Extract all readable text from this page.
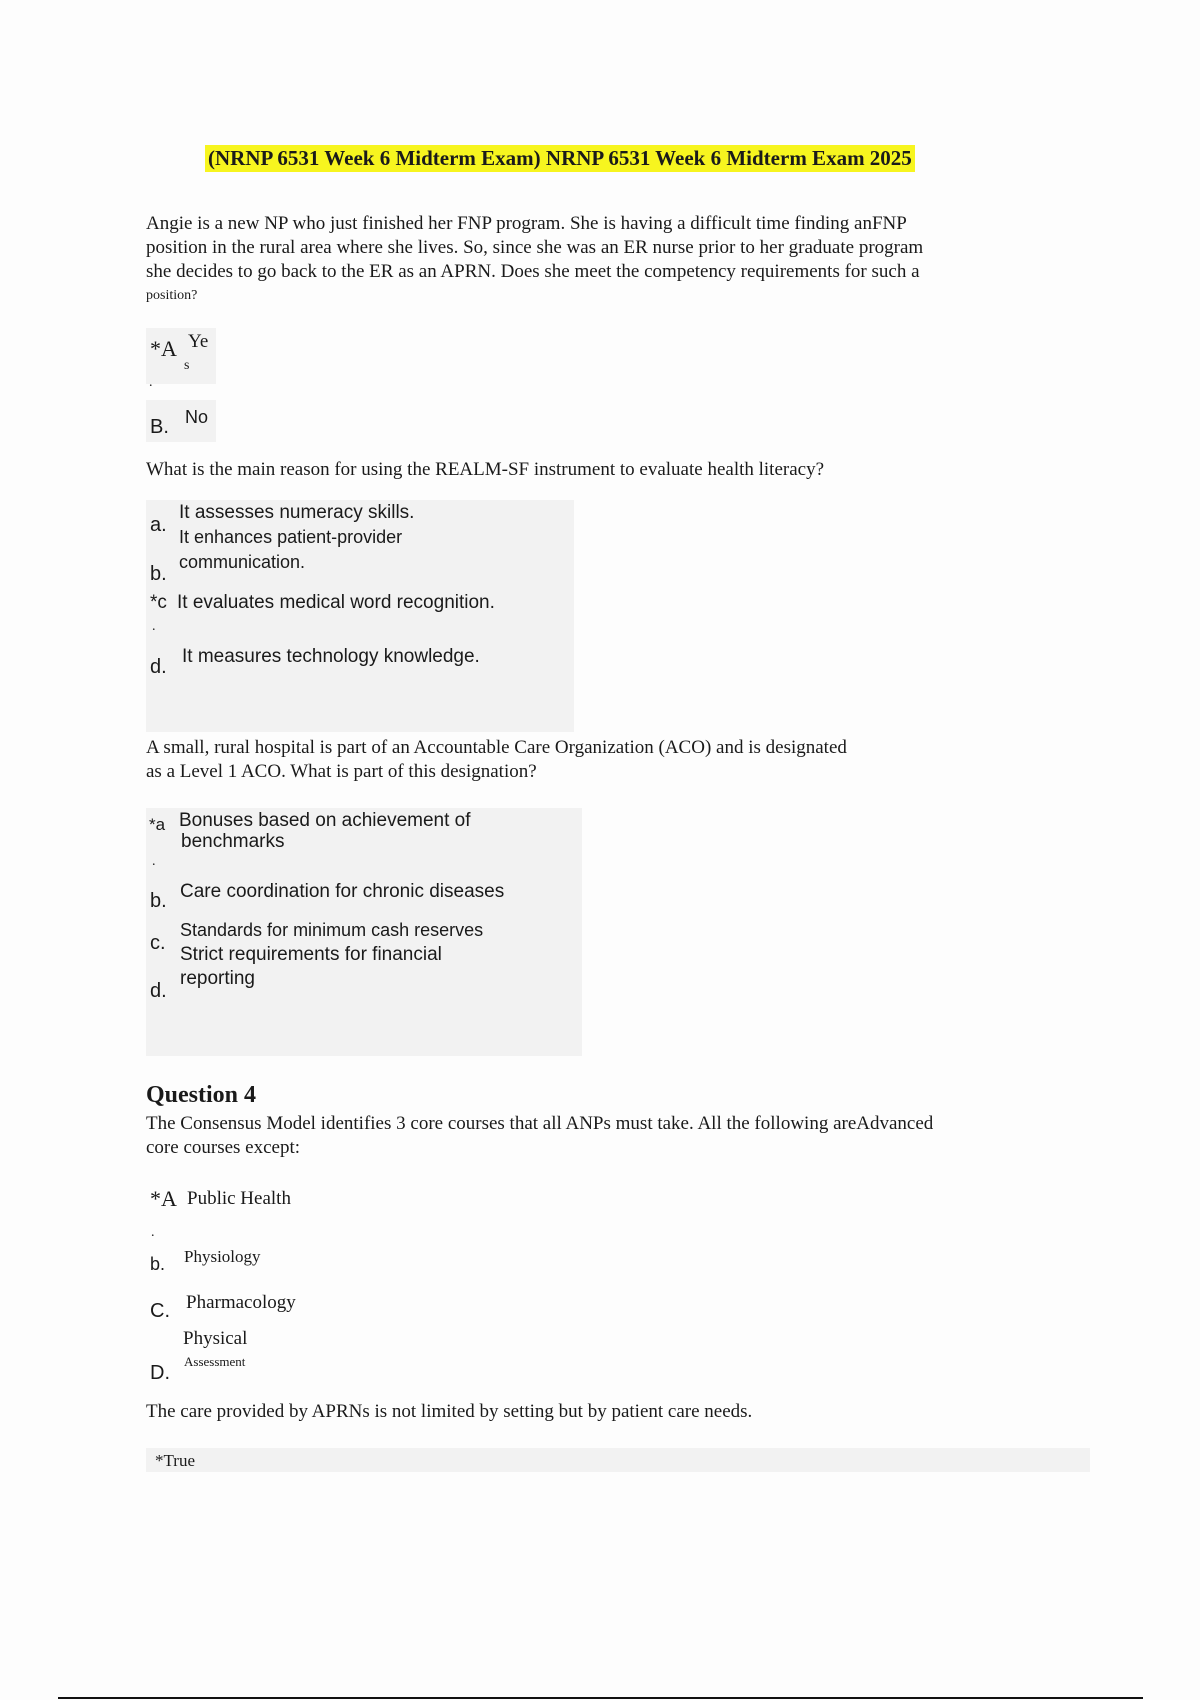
(NRNP 6531 Week 6 Midterm Exam) NRNP 6531 Week 6 Midterm Exam 2025
Angie is a new NP who just finished her FNP program. She is having a difficult time finding anFNP
position in the rural area where she lives. So, since she was an ER nurse prior to her graduate program
she decides to go back to the ER as an APRN. Does she meet the competency requirements for such a
position?
*A Ye
s
.
B. No
What is the main reason for using the REALM-SF instrument to evaluate health literacy?
a.
It assesses numeracy skills.
It enhances patient-provider
communication.
b.
*c It evaluates medical word recognition.
.
d. It measures technology knowledge.
A small, rural hospital is part of an Accountable Care Organization (ACO) and is designated
as a Level 1 ACO. What is part of this designation?
*a Bonuses based on achievement of
benchmarks
.
b. Care coordination for chronic diseases
c.
Standards for minimum cash reserves
Strict requirements for financial
reporting
d.
Question 4
The Consensus Model identifies 3 core courses that all ANPs must take. All the following areAdvanced
core courses except:
*A Public Health
.
b. Physiology
C. Pharmacology
Physical
Assessment
D.
The care provided by APRNs is not limited by setting but by patient care needs.
*True
